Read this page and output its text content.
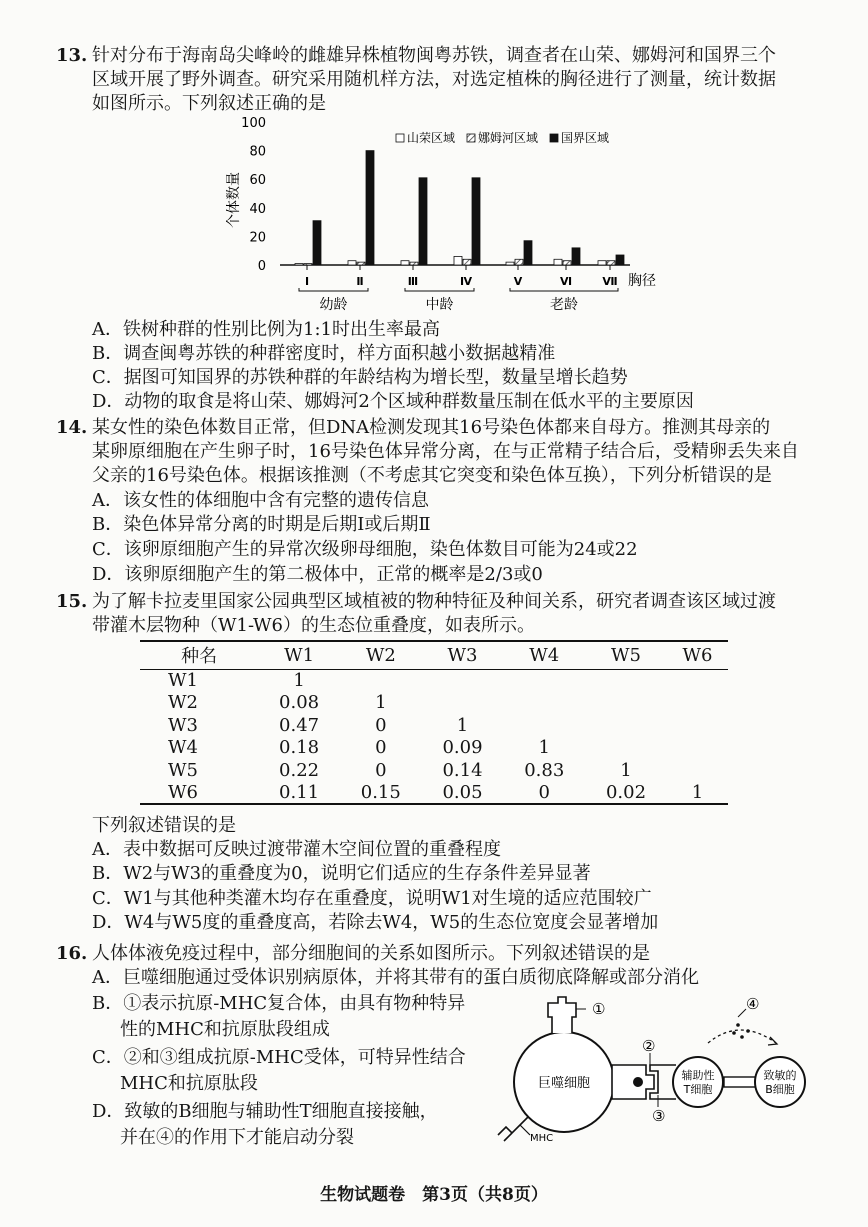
13. 针对分布于海南岛尖峰岭的雌雄异株植物闽粤苏铁，调查者在山荣、娜姆河和国界三个
区域开展了野外调查。研究采用随机样方法，对选定植株的胸径进行了测量，统计数据
如图所示。下列叙述正确的是
0
20
40
60
80
100
Ⅰ	Ⅱ	Ⅲ	Ⅳ	Ⅴ	Ⅵ	Ⅶ 胸径
幼龄	中龄	老龄
山荣区域 娜姆河区域 国界区域
个体数量
A．铁树种群的性别比例为1:1时出生率最高
B．调查闽粤苏铁的种群密度时，样方面积越小数据越精准
C．据图可知国界的苏铁种群的年龄结构为增长型，数量呈增长趋势
D．动物的取食是将山荣、娜姆河2个区域种群数量压制在低水平的主要原因
14. 某女性的染色体数目正常，但DNA检测发现其16号染色体都来自母方。推测其母亲的
某卵原细胞在产生卵子时，16号染色体异常分离，在与正常精子结合后，受精卵丢失来自
父亲的16号染色体。根据该推测（不考虑其它突变和染色体互换），下列分析错误的是
A．该女性的体细胞中含有完整的遗传信息
B．染色体异常分离的时期是后期Ⅰ或后期Ⅱ
C．该卵原细胞产生的异常次级卵母细胞，染色体数目可能为24或22
D．该卵原细胞产生的第二极体中，正常的概率是2/3或0
15. 为了解卡拉麦里国家公园典型区域植被的物种特征及种间关系，研究者调查该区域过渡
带灌木层物种（W1-W6）的生态位重叠度，如表所示。
种名	W1	W2	W3	W4	W5	W6
W1	1					
W2	0.08	1				
W3	0.47	0	1			
W4	0.18	0	0.09	1		
W5	0.22	0	0.14	0.83	1	
W6	0.11	0.15	0.05	0	0.02	1
下列叙述错误的是
A．表中数据可反映过渡带灌木空间位置的重叠程度
B．W2与W3的重叠度为0，说明它们适应的生存条件差异显著
C．W1与其他种类灌木均存在重叠度，说明W1对生境的适应范围较广
D．W4与W5度的重叠度高，若除去W4，W5的生态位宽度会显著增加
16. 人体体液免疫过程中，部分细胞间的关系如图所示。下列叙述错误的是
A．巨噬细胞通过受体识别病原体，并将其带有的蛋白质彻底降解或部分消化
B．①表示抗原-MHC复合体，由具有物种特异
性的MHC和抗原肽段组成
C．②和③组成抗原-MHC受体，可特异性结合
MHC和抗原肽段
D．致敏的B细胞与辅助性T细胞直接接触，
并在④的作用下才能启动分裂
巨噬细胞
①
MHC
②
③
辅助性
T细胞
致敏的
B细胞
④
生物试题卷　第3页（共8页）
